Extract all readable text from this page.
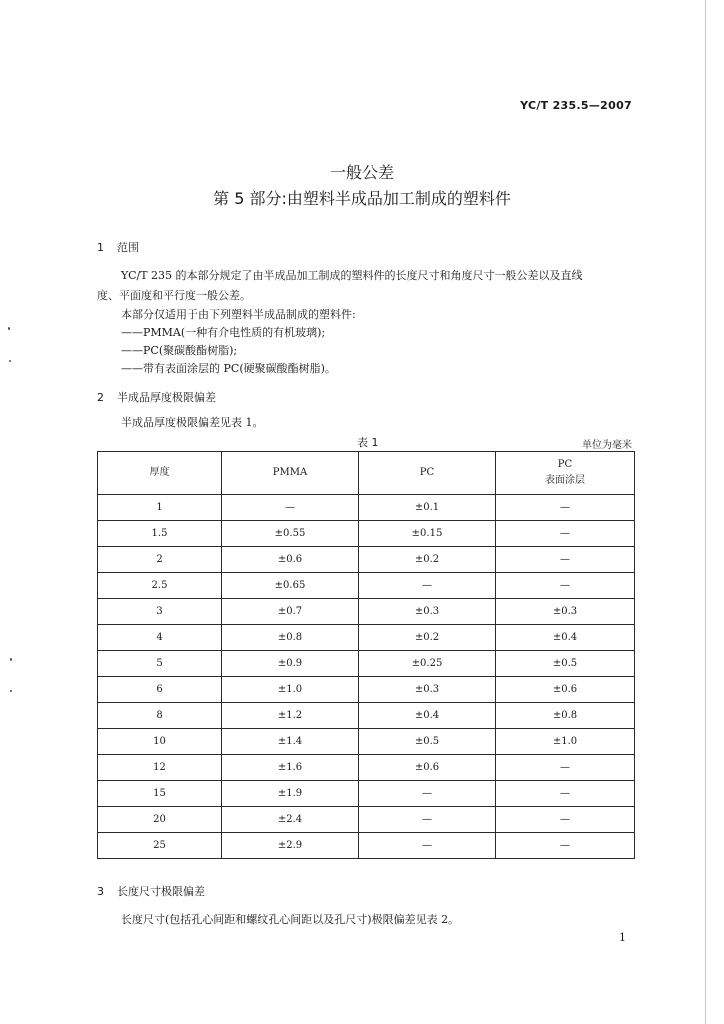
YC/T 235.5—2007
一般公差
第 5 部分:由塑料半成品加工制成的塑料件
1 范围
YC/T 235 的本部分规定了由半成品加工制成的塑料件的长度尺寸和角度尺寸一般公差以及直线
度、平面度和平行度一般公差。
本部分仅适用于由下列塑料半成品制成的塑料件:
——PMMA(一种有介电性质的有机玻璃);
——PC(聚碳酸酯树脂);
——带有表面涂层的 PC(硬聚碳酸酯树脂)。
2 半成品厚度极限偏差
半成品厚度极限偏差见表 1。
表 1	单位为毫米
厚度	PMMA	PC	PC
表面涂层

1	—	±0.1	—
1.5	±0.55	±0.15	—
2	±0.6	±0.2	—
2.5	±0.65	—	—
3	±0.7	±0.3	±0.3
4	±0.8	±0.2	±0.4
5	±0.9	±0.25	±0.5
6	±1.0	±0.3	±0.6
8	±1.2	±0.4	±0.8
10	±1.4	±0.5	±1.0
12	±1.6	±0.6	—
15	±1.9	—	—
20	±2.4	—	—
25	±2.9	—	—
3 长度尺寸极限偏差
长度尺寸(包括孔心间距和螺纹孔心间距以及孔尺寸)极限偏差见表 2。
1
